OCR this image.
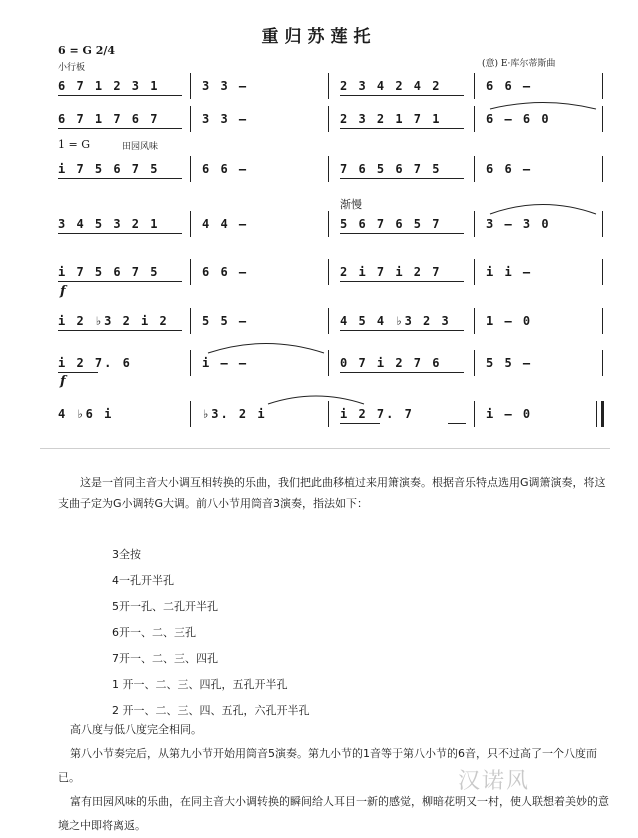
重归苏莲托
6 = G 2/4
小行板	(意) E·库尔蒂斯曲
1 = G	田园风味
渐慢
6 7 1 2 3 1	3 3 —	2 3 4 2 4 2	6 6 —
6 7 1 7 6 7	3 3 —	2 3 2 1 7 1	6 — 6 0
i 7 5 6 7 5	6 6 —	7 6 5 6 7 5	6 6 —
3 4 5 3 2 1	4 4 —	5 6 7 6 5 7	3 — 3 0
i 7 5 6 7 5	6 6 —	2 i 7 i 2 7	i i —
f
i 2 ♭3 2 i 2	5 5 —	4 5 4 ♭3 2 3	1 — 0
i 2 7. 6	i — —	0 7 i 2 7 6	5 5 —
f
4 ♭6 i	♭3. 2 i	i 2 7. 7	i — 0
这是一首同主音大小调互相转换的乐曲，我们把此曲移植过来用箫演奏。根据音乐特点选用G调箫演奏，将这支曲子定为G小调转G大调。前八小节用筒音3演奏，指法如下：
3全按
4一孔开半孔
5开一孔、二孔开半孔
6开一、二、三孔
7开一、二、三、四孔
1 开一、二、三、四孔，五孔开半孔
2 开一、二、三、四、五孔，六孔开半孔

高八度与低八度完全相同。

第八小节奏完后，从第九小节开始用筒音5演奏。第九小节的1音等于第八小节的6音，只不过高了一个八度而已。

富有田园风味的乐曲，在同主音大小调转换的瞬间给人耳目一新的感觉，柳暗花明又一村，使人联想着美妙的意境之中即将离返。

汉诺风
